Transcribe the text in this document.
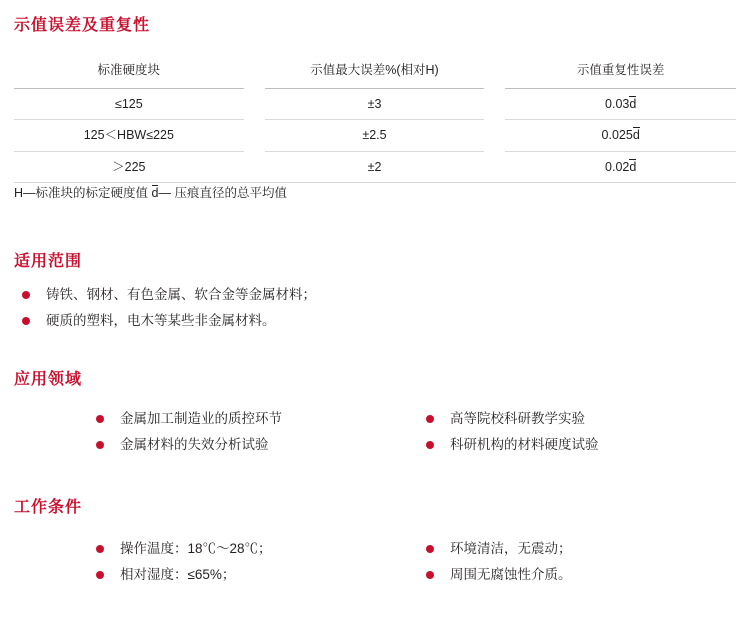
示值误差及重复性
标准硬度块		示值最大误差%(相对H)		示值重复性误差
≤125		±3		0.03d
125＜HBW≤225		±2.5		0.025d
＞225		±2		0.02d
H—标准块的标定硬度值 d— 压痕直径的总平均值
适用范围
铸铁、钢材、有色金属、软合金等金属材料；
硬质的塑料，电木等某些非金属材料。
应用领域
金属加工制造业的质控环节
金属材料的失效分析试验
高等院校科研教学实验
科研机构的材料硬度试验
工作条件
操作温度：18℃～28℃；
相对湿度：≤65%；
环境清洁，无震动；
周围无腐蚀性介质。
